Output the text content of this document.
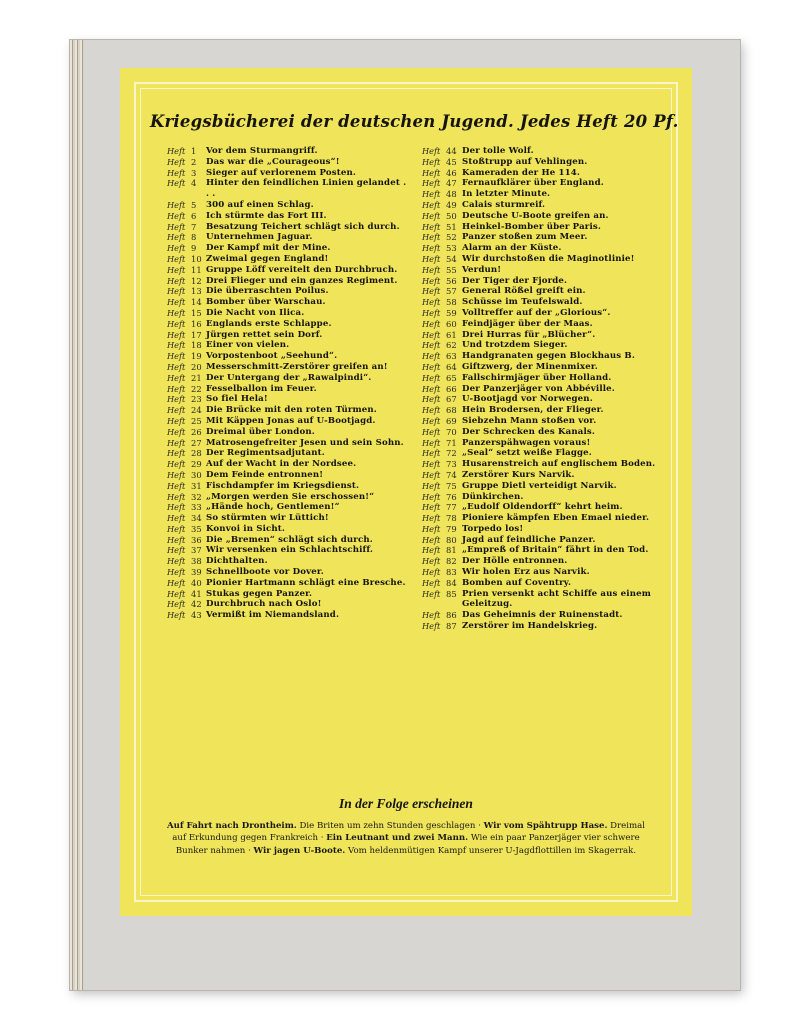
Kriegsbücherei der deutschen Jugend. Jedes Heft 20 Pf.
Heft 1	Vor dem Sturmangriff.
Heft 2	Das war die „Courageous“!
Heft 3	Sieger auf verlorenem Posten.
Heft 4	Hinter den feindlichen Linien gelandet . . .
Heft 5	300 auf einen Schlag.
Heft 6	Ich stürmte das Fort III.
Heft 7	Besatzung Teichert schlägt sich durch.
Heft 8	Unternehmen Jaguar.
Heft 9	Der Kampf mit der Mine.
Heft 10 Zweimal gegen England!
Heft 11 Gruppe Löff vereitelt den Durchbruch.
Heft 12 Drei Flieger und ein ganzes Regiment.
Heft 13 Die überraschten Poilus.
Heft 14 Bomber über Warschau.
Heft 15 Die Nacht von Ilica.
Heft 16 Englands erste Schlappe.
Heft 17 Jürgen rettet sein Dorf.
Heft 18 Einer von vielen.
Heft 19 Vorpostenboot „Seehund“.
Heft 20 Messerschmitt-Zerstörer greifen an!
Heft 21 Der Untergang der „Rawalpindi“.
Heft 22 Fesselballon im Feuer.
Heft 23 So fiel Hela!
Heft 24 Die Brücke mit den roten Türmen.
Heft 25 Mit Käppen Jonas auf U-Bootjagd.
Heft 26 Dreimal über London.
Heft 27 Matrosengefreiter Jesen und sein Sohn.
Heft 28 Der Regimentsadjutant.
Heft 29 Auf der Wacht in der Nordsee.
Heft 30 Dem Feinde entronnen!
Heft 31 Fischdampfer im Kriegsdienst.
Heft 32 „Morgen werden Sie erschossen!“
Heft 33 „Hände hoch, Gentlemen!“
Heft 34 So stürmten wir Lüttich!
Heft 35 Konvoi in Sicht.
Heft 36 Die „Bremen“ schlägt sich durch.
Heft 37 Wir versenken ein Schlachtschiff.
Heft 38 Dichthalten.
Heft 39 Schnellboote vor Dover.
Heft 40 Pionier Hartmann schlägt eine Bresche.
Heft 41 Stukas gegen Panzer.
Heft 42 Durchbruch nach Oslo!
Heft 43 Vermißt im Niemandsland.
Heft 44 Der tolle Wolf.
Heft 45 Stoßtrupp auf Vehlingen.
Heft 46 Kameraden der He 114.
Heft 47 Fernaufklärer über England.
Heft 48 In letzter Minute.
Heft 49 Calais sturmreif.
Heft 50 Deutsche U-Boote greifen an.
Heft 51 Heinkel-Bomber über Paris.
Heft 52 Panzer stoßen zum Meer.
Heft 53 Alarm an der Küste.
Heft 54 Wir durchstoßen die Maginotlinie!
Heft 55 Verdun!
Heft 56 Der Tiger der Fjorde.
Heft 57 General Rößel greift ein.
Heft 58 Schüsse im Teufelswald.
Heft 59 Volltreffer auf der „Glorious“.
Heft 60 Feindjäger über der Maas.
Heft 61 Drei Hurras für „Blücher“.
Heft 62 Und trotzdem Sieger.
Heft 63 Handgranaten gegen Blockhaus B.
Heft 64 Giftzwerg, der Minenmixer.
Heft 65 Fallschirmjäger über Holland.
Heft 66 Der Panzerjäger von Abbéville.
Heft 67 U-Bootjagd vor Norwegen.
Heft 68 Hein Brodersen, der Flieger.
Heft 69 Siebzehn Mann stoßen vor.
Heft 70 Der Schrecken des Kanals.
Heft 71 Panzerspähwagen voraus!
Heft 72 „Seal“ setzt weiße Flagge.
Heft 73 Husarenstreich auf englischem Boden.
Heft 74 Zerstörer Kurs Narvik.
Heft 75 Gruppe Dietl verteidigt Narvik.
Heft 76 Dünkirchen.
Heft 77 „Eudolf Oldendorff“ kehrt heim.
Heft 78 Pioniere kämpfen Eben Emael nieder.
Heft 79 Torpedo los!
Heft 80 Jagd auf feindliche Panzer.
Heft 81 „Empreß of Britain“ fährt in den Tod.
Heft 82 Der Hölle entronnen.
Heft 83 Wir holen Erz aus Narvik.
Heft 84 Bomben auf Coventry.
Heft 85 Prien versenkt acht Schiffe aus einem Geleitzug.
Heft 86 Das Geheimnis der Ruinenstadt.
Heft 87 Zerstörer im Handelskrieg.
In der Folge erscheinen
Auf Fahrt nach Drontheim. Die Briten um zehn Stunden geschlagen · Wir vom Spähtrupp Hase. Dreimal auf Erkundung gegen Frankreich · Ein Leutnant und zwei Mann. Wie ein paar Panzerjäger vier schwere Bunker nahmen · Wir jagen U-Boote. Vom heldenmütigen Kampf unserer U-Jagdflottillen im Skagerrak.
